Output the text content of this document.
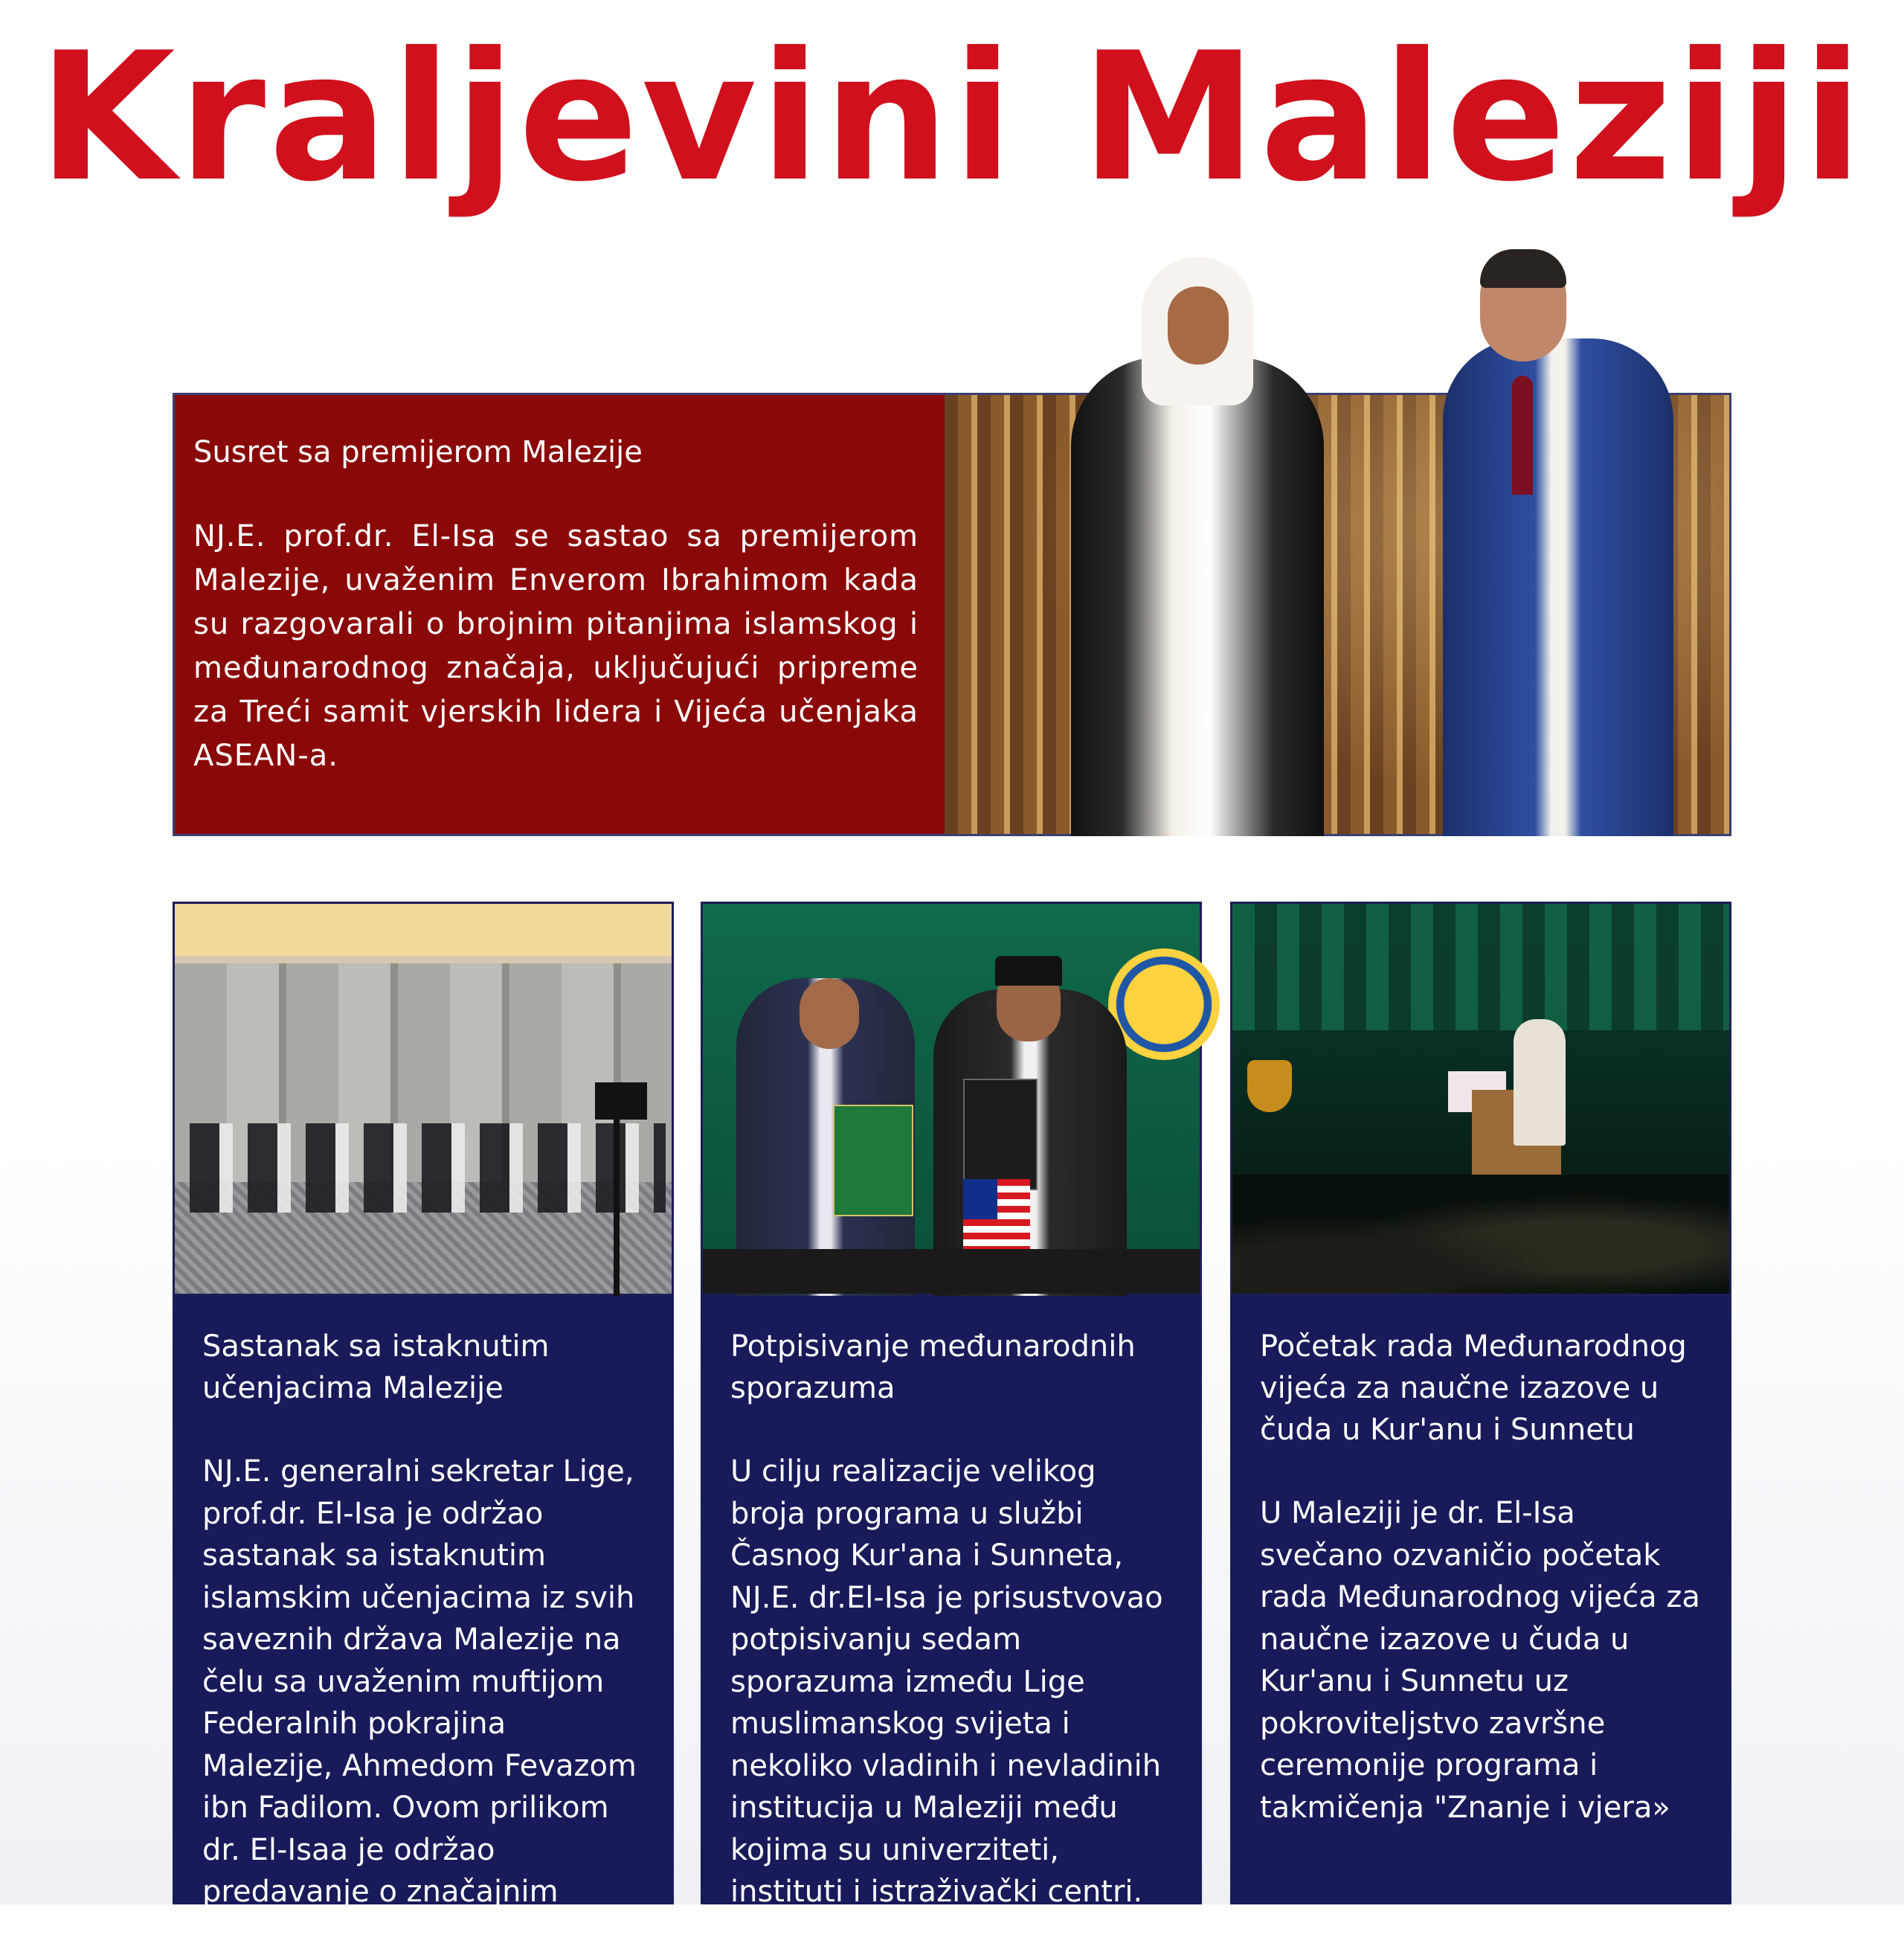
Kraljevini Maleziji

Susret sa premijerom Malezije

NJ.E. prof.dr. El-Isa se sastao sa premijerom Malezije, uvaženim Enverom Ibrahimom kada su razgovarali o brojnim pitanjima islamskog i međunarodnog značaja, uključujući pripreme za Treći samit vjerskih lidera i Vijeća učenjaka ASEAN-a.

Sastanak sa istaknutim učenjacima Malezije

NJ.E. generalni sekretar Lige, prof.dr. El-Isa je održao sastanak sa istaknutim islamskim učenjacima iz svih saveznih država Malezije na čelu sa uvaženim muftijom Federalnih pokrajina Malezije, Ahmedom Fevazom ibn Fadilom. Ovom prilikom dr. El-Isaa je održao predavanje o značajnim islamskim

Potpisivanje međunarodnih sporazuma

U cilju realizacije velikog broja programa u službi Časnog Kur'ana i Sunneta, NJ.E. dr.El-Isa je prisustvovao potpisivanju sedam sporazuma između Lige muslimanskog svijeta i nekoliko vladinih i nevladinih institucija u Maleziji među kojima su univerziteti, instituti i istraživački centri.

Početak rada Međunarodnog vijeća za naučne izazove u čuda u Kur'anu i Sunnetu

U Maleziji je dr. El-Isa svečano ozvaničio početak rada Međunarodnog vijeća za naučne izazove u čuda u Kur'anu i Sunnetu uz pokroviteljstvo završne ceremonije programa i takmičenja "Znanje i vjera»
